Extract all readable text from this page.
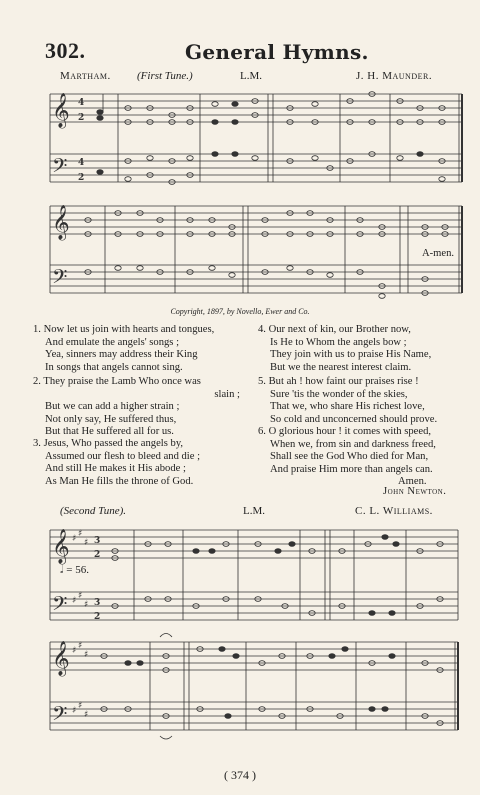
302.	General Hymns.
Martham. (First Tune.)	L.M.	J. H. Maunder.
𝄞
𝄢
4
2
4
2
𝄞
𝄢
A-men.
Copyright, 1897, by Novello, Ewer and Co.
1. Now let us join with hearts and tongues,
And emulate the angels' songs ;
Yea, sinners may address their King
In songs that angels cannot sing.
2. They praise the Lamb Who once was
slain ;
But we can add a higher strain ;
Not only say, He suffered thus,
But that He suffered all for us.
3. Jesus, Who passed the angels by,
Assumed our flesh to bleed and die ;
And still He makes it His abode ;
As Man He fills the throne of God.
4. Our next of kin, our Brother now,
Is He to Whom the angels bow ;
They join with us to praise His Name,
But we the nearest interest claim.
5. But ah ! how faint our praises rise !
Sure 'tis the wonder of the skies,
That we, who share His richest love,
So cold and unconcerned should prove.
6. O glorious hour ! it comes with speed,
When we, from sin and darkness freed,
Shall see the God Who died for Man,
And praise Him more than angels can.
Amen.
John Newton.
(Second Tune).	L.M.	C. L. Williams.
𝄞
𝄢
♯ ♯
♯ 3
2
♯ ♯
♯ 3
2
𝅗𝅥 = 56.
𝄞
𝄢
♯ ♯
♯
♯ ♯
♯
( 374 )
